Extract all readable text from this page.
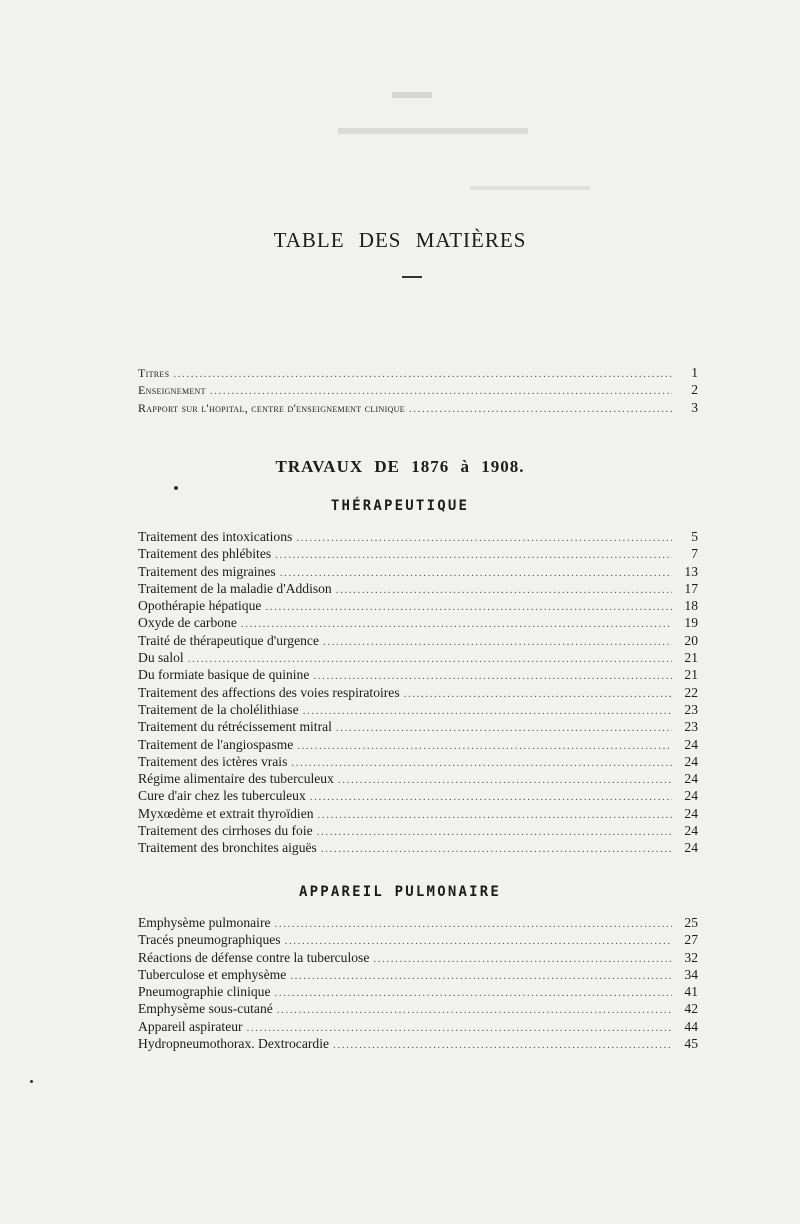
TABLE DES MATIÈRES
Titres .....	1
Enseignement .....	2
Rapport sur l'hopital, centre d'enseignement clinique .....	3
TRAVAUX DE 1876 à 1908.
THÉRAPEUTIQUE
Traitement des intoxications .....	5
Traitement des phlébites .....	7
Traitement des migraines .....	13
Traitement de la maladie d'Addison .....	17
Opothérapie hépatique .....	18
Oxyde de carbone .....	19
Traité de thérapeutique d'urgence .....	20
Du salol .....	21
Du formiate basique de quinine .....	21
Traitement des affections des voies respiratoires .....	22
Traitement de la cholélithiase .....	23
Traitement du rétrécissement mitral .....	23
Traitement de l'angiospasme .....	24
Traitement des ictères vrais .....	24
Régime alimentaire des tuberculeux .....	24
Cure d'air chez les tuberculeux .....	24
Myxœdème et extrait thyroïdien .....	24
Traitement des cirrhoses du foie .....	24
Traitement des bronchites aiguës .....	24
APPAREIL PULMONAIRE
Emphysème pulmonaire .....	25
Tracés pneumographiques .....	27
Réactions de défense contre la tuberculose .....	32
Tuberculose et emphysème .....	34
Pneumographie clinique .....	41
Emphysème sous-cutané .....	42
Appareil aspirateur .....	44
Hydropneumothorax. Dextrocardie .....	45
